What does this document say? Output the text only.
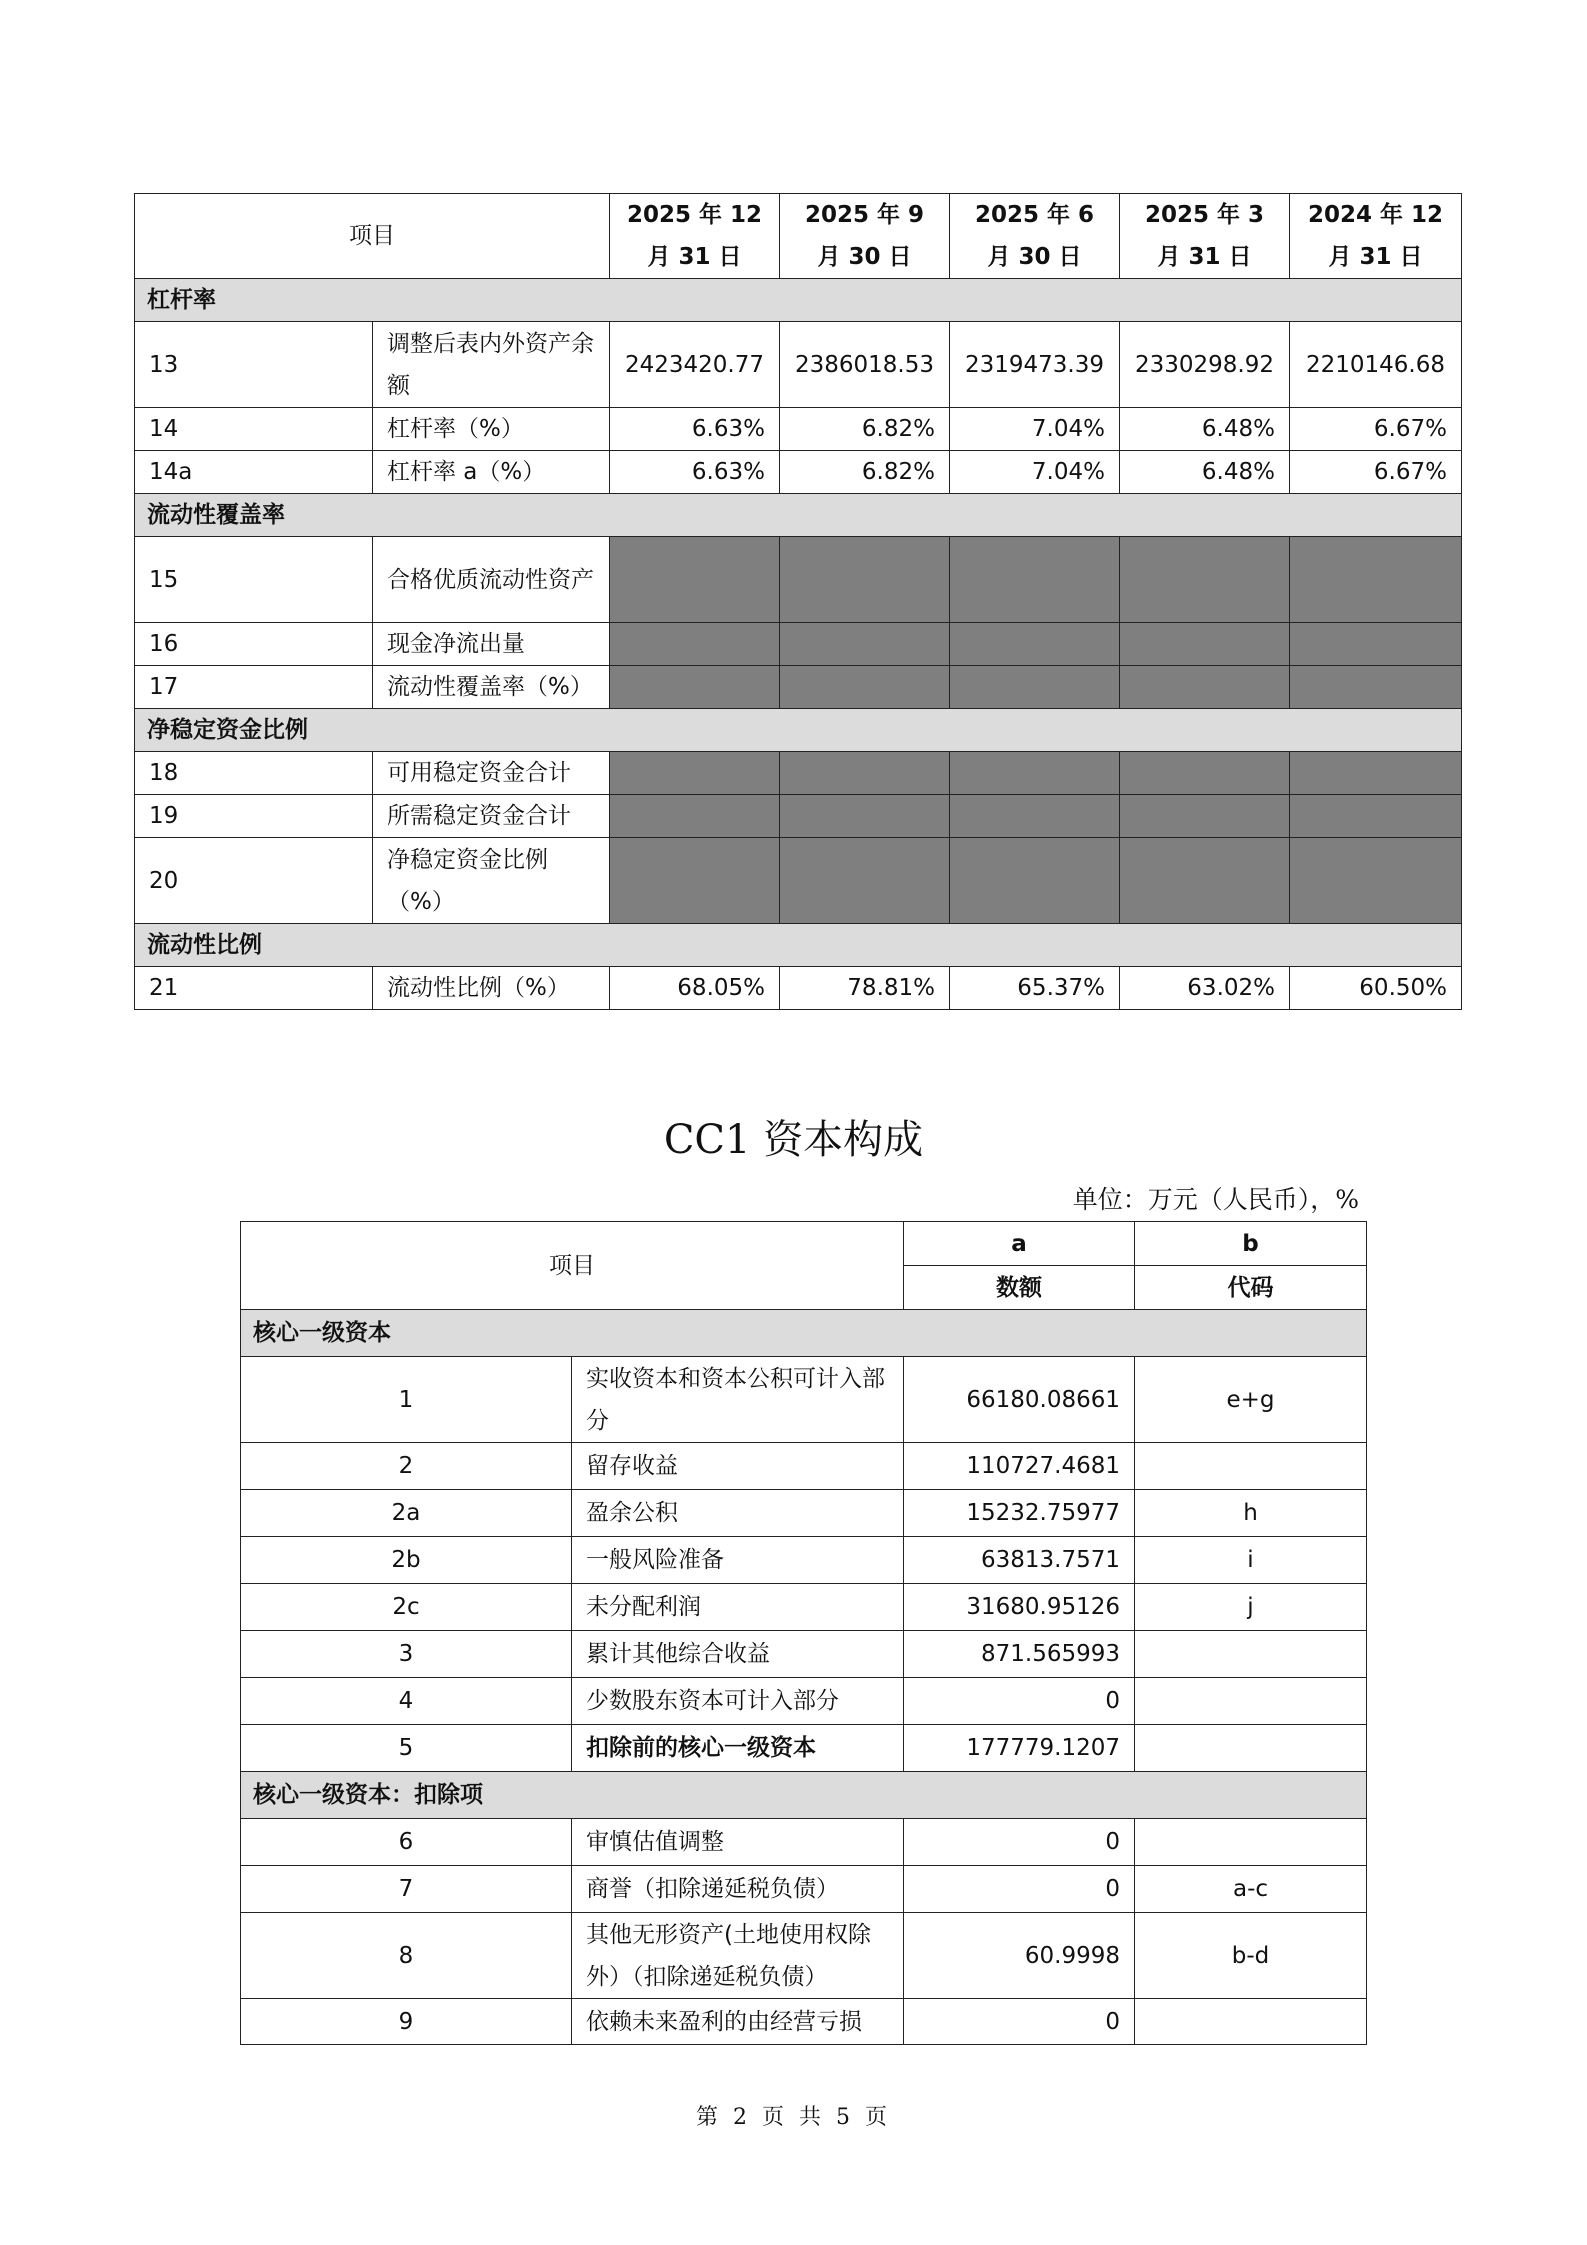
项目		2025 年 12 月 31 日	2025 年 9 月 30 日	2025 年 6 月 30 日	2025 年 3 月 31 日	2024 年 12 月 31 日
杠杆率						
13	调整后表内外资产余额	2423420.77	2386018.53	2319473.39	2330298.92	2210146.68
14	杠杆率（%）	6.63%	6.82%	7.04%	6.48%	6.67%
14a	杠杆率 a（%）	6.63%	6.82%	7.04%	6.48%	6.67%
流动性覆盖率						
15	合格优质流动性资产					
16	现金净流出量					
17	流动性覆盖率（%）					
净稳定资金比例						
18	可用稳定资金合计					
19	所需稳定资金合计					
20	净稳定资金比例（%）					
流动性比例						
21	流动性比例（%）	68.05%	78.81%	65.37%	63.02%	60.50%
CC1 资本构成
单位：万元（人民币），%
项目		a	b
		数额	代码
核心一级资本			
1	实收资本和资本公积可计入部分	66180.08661	e+g
2	留存收益	110727.4681	
2a	盈余公积	15232.75977	h
2b	一般风险准备	63813.7571	i
2c	未分配利润	31680.95126	j
3	累计其他综合收益	871.565993	
4	少数股东资本可计入部分	0	
5	扣除前的核心一级资本	177779.1207	
核心一级资本：扣除项			
6	审慎估值调整	0	
7	商誉（扣除递延税负债）	0	a-c
8	其他无形资产(土地使用权除外）（扣除递延税负债）	60.9998	b-d
9	依赖未来盈利的由经营亏损	0	
第 2 页 共 5 页
